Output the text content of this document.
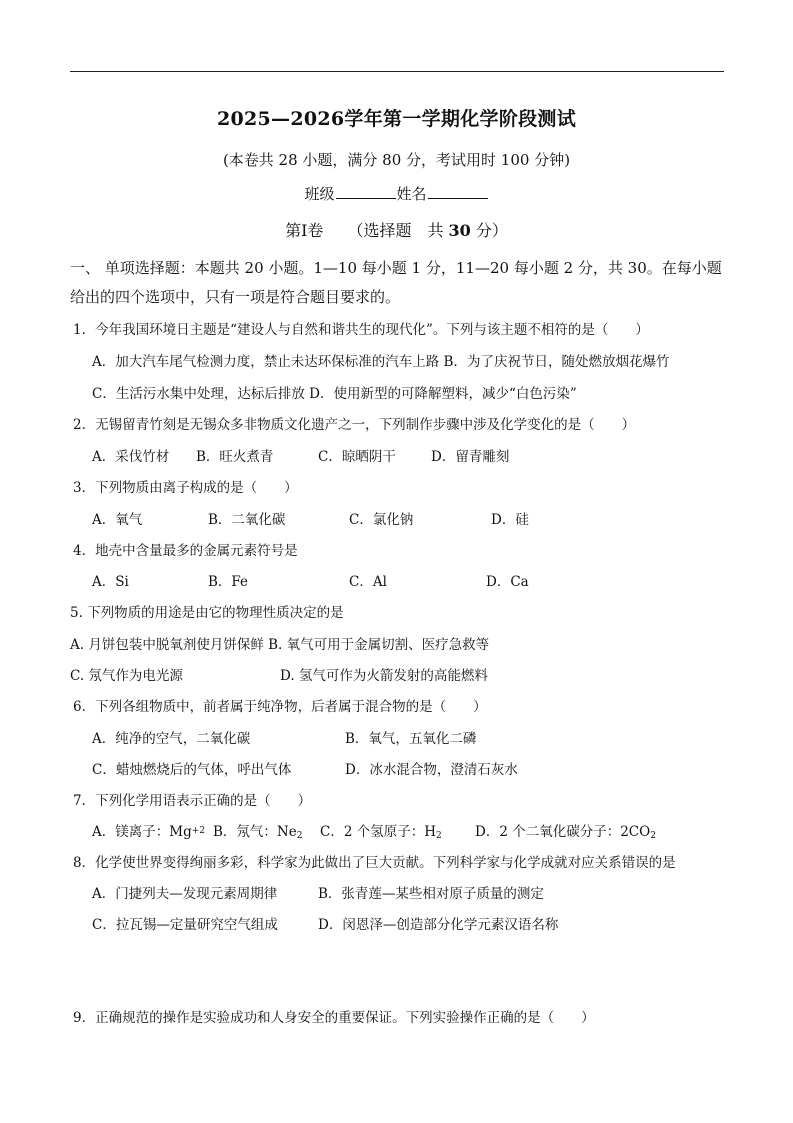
2025—2026学年第一学期化学阶段测试
(本卷共 28 小题，满分 80 分，考试用时 100 分钟)
班级	姓名
第Ⅰ卷   （选择题　共 30 分）
一、 单项选择题：本题共 20 小题。1—10 每小题 1 分，11—20 每小题 2 分，共 30。在每小题
给出的四个选项中，只有一项是符合题目要求的。
1．今年我国环境日主题是“建设人与自然和谐共生的现代化”。下列与该主题不相符的是（　　）
A．加大汽车尾气检测力度，禁止未达环保标准的汽车上路 B．为了庆祝节日，随处燃放烟花爆竹
C．生活污水集中处理，达标后排放 D．使用新型的可降解塑料，减少“白色污染”
2．无锡留青竹刻是无锡众多非物质文化遗产之一，下列制作步骤中涉及化学变化的是（　　）
A．采伐竹材 B．旺火煮青	C．晾晒阴干	D．留青雕刻
3．下列物质由离子构成的是（　　）
A．氧气	B．二氧化碳	C．氯化钠	D．硅
4．地壳中含量最多的金属元素符号是
A．Si	B．Fe	C．Al	D．Ca
5. 下列物质的用途是由它的物理性质决定的是
A. 月饼包装中脱氧剂使月饼保鲜 B. 氧气可用于金属切割、医疗急救等
C. 氖气作为电光源	D. 氢气可作为火箭发射的高能燃料
6．下列各组物质中，前者属于纯净物，后者属于混合物的是（　　）
A．纯净的空气，二氧化碳	B．氧气，五氧化二磷
C．蜡烛燃烧后的气体，呼出气体	D．冰水混合物，澄清石灰水
7．下列化学用语表示正确的是（　　）
A．镁离子：$Mg^{+2}$ B．氖气：$Ne_2$ C．2 个氢原子：$H_2$ D．2 个二氧化碳分子：$2CO_2$
8．化学使世界变得绚丽多彩，科学家为此做出了巨大贡献。下列科学家与化学成就对应关系错误的是
A．门捷列夫—发现元素周期律	B．张青莲—某些相对原子质量的测定
C．拉瓦锡—定量研究空气组成	D．闵恩泽—创造部分化学元素汉语名称
9．正确规范的操作是实验成功和人身安全的重要保证。下列实验操作正确的是（　　）
